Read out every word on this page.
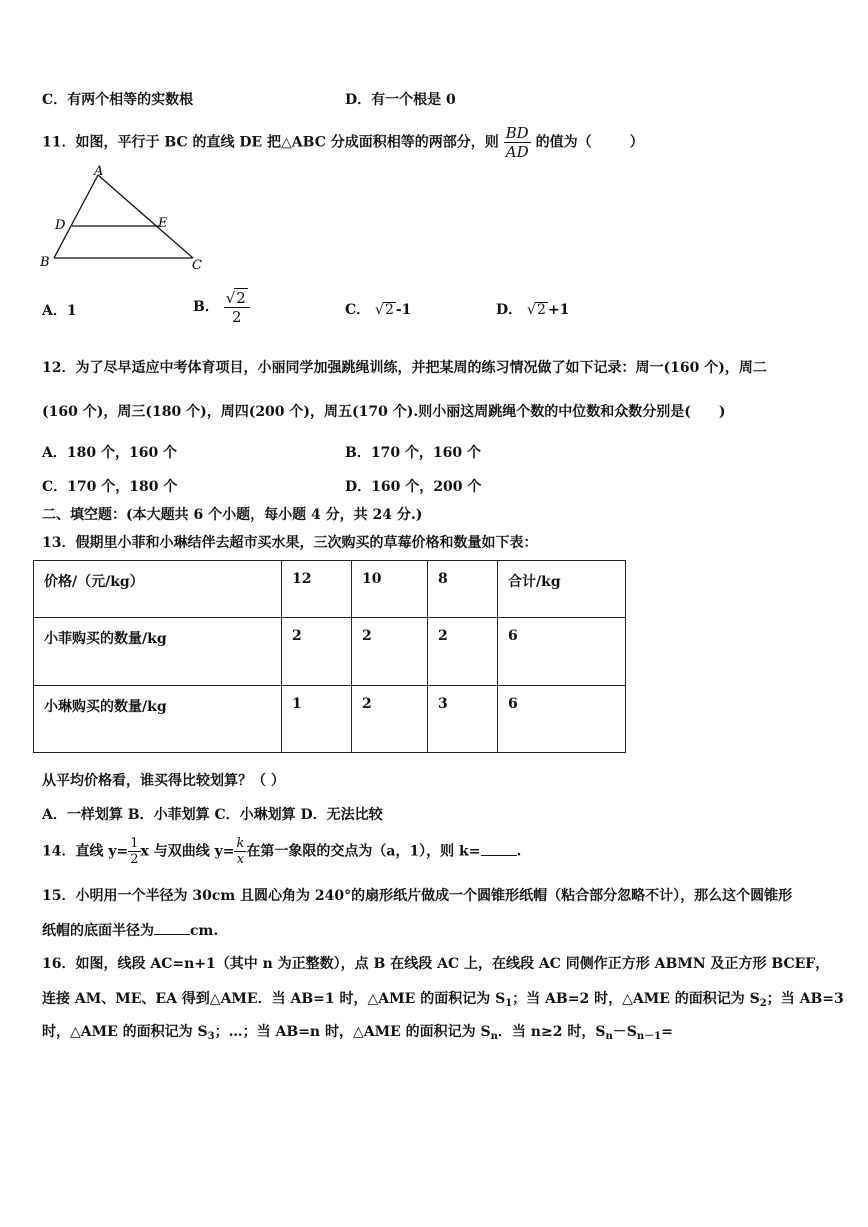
C．有两个相等的实数根	D．有一个根是 0
11．如图，平行于 BC 的直线 DE 把△ABC 分成面积相等的两部分，则 $\frac{BD}{AD}$ 的值为（	）
A
D	E
B	C
A．1	B． $\frac{√2}{2}$	C． √2 -1	D． √2 +1
12．为了尽早适应中考体育项目，小丽同学加强跳绳训练，并把某周的练习情况做了如下记录：周一(160 个)，周二
(160 个)，周三(180 个)，周四(200 个)，周五(170 个).则小丽这周跳绳个数的中位数和众数分别是(　　)
A．180 个，160 个	B．170 个，160 个
C．170 个，180 个	D．160 个，200 个
二、填空题：(本大题共 6 个小题，每小题 4 分，共 24 分.)
13．假期里小菲和小琳结伴去超市买水果，三次购买的草莓价格和数量如下表：
价格/（元/kg）	12	10	8	合计/kg
小菲购买的数量/kg	2	2	2	6
小琳购买的数量/kg	1	2	3	6
从平均价格看，谁买得比较划算？（ ）
A．一样划算 B．小菲划算 C．小琳划算 D．无法比较
14．直线 $y= \frac{1}{2}$ x 与双曲线 $y= \frac{k}{x}$ 在第一象限的交点为（a，1），则 k=	.
15．小明用一个半径为 30cm 且圆心角为 240°的扇形纸片做成一个圆锥形纸帽（粘合部分忽略不计），那么这个圆锥形
纸帽的底面半径为	cm.
16．如图，线段 AC=n+1（其中 n 为正整数），点 B 在线段 AC 上，在线段 AC 同侧作正方形 ABMN 及正方形 BCEF，
连接 AM、ME、EA 得到△AME．当 AB=1 时，△AME 的面积记为 $S_1$；当 AB=2 时，△AME 的面积记为 $S_2$；当 AB=3
时，△AME 的面积记为 $S_3$；…；当 AB=n 时，△AME 的面积记为 $S_n$．当 n≥2 时，$S_n-S_{n-1}=$
